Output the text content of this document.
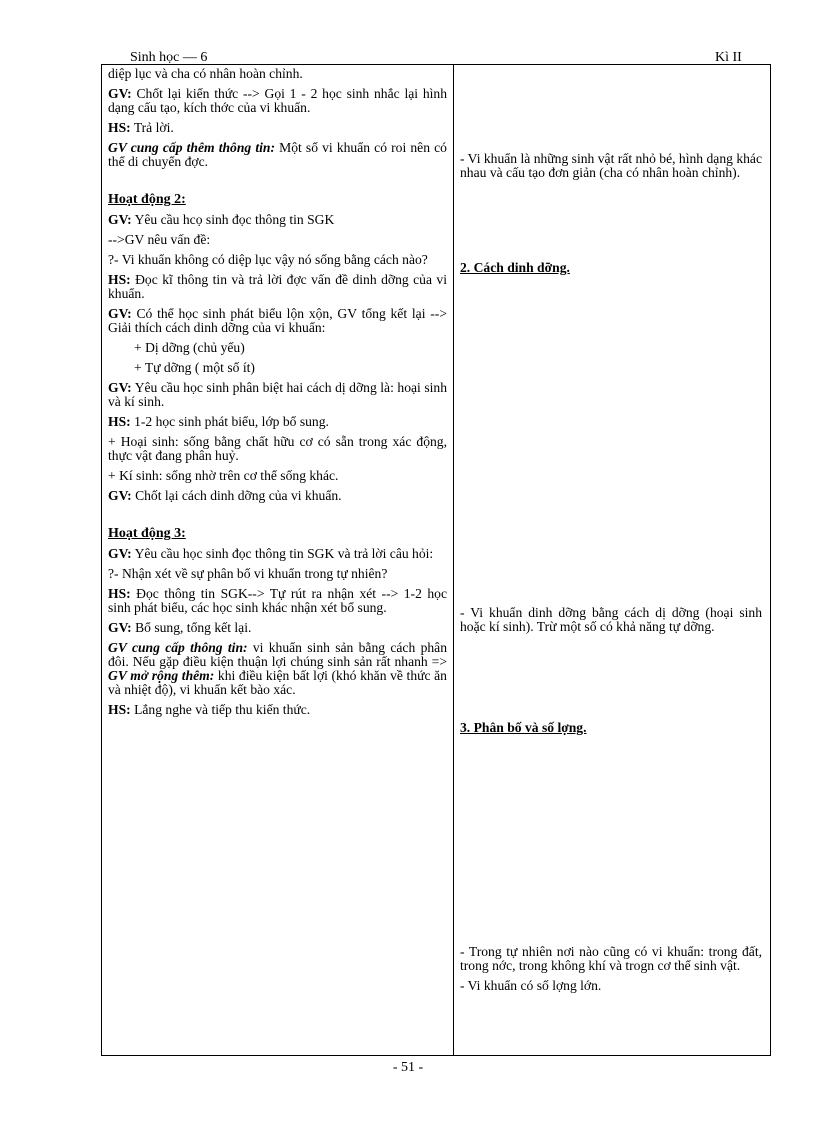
Sinh học — 6	Kì II

diệp lục và cha có nhân hoàn chỉnh.

GV: Chốt lại kiến thức --> Gọi 1 - 2 học sinh nhắc lại hình dạng cấu tạo, kích thớc của vi khuẩn.

HS: Trả lời.

GV cung cấp thêm thông tin: Một số vi khuẩn có roi nên có thể di chuyển đợc.

Hoạt động 2:

GV: Yêu cầu hcọ sinh đọc thông tin SGK

-->GV nêu vấn đề:

?- Vi khuẩn không có diệp lục vậy nó sống bằng cách nào?

HS: Đọc kĩ thông tin và trả lời đợc vấn đề dinh dỡng của vi khuẩn.

GV: Có thể học sinh phát biểu lộn xộn, GV tổng kết lại --> Giải thích cách dinh dỡng của vi khuẩn:

+ Dị dỡng (chủ yếu)

+ Tự dỡng ( một số ít)

GV: Yêu cầu học sinh phân biệt hai cách dị dỡng là: hoại sinh và kí sinh.

HS: 1-2 học sinh phát biểu, lớp bổ sung.

+ Hoại sinh: sống bằng chất hữu cơ có sẵn trong xác động, thực vật đang phân huỷ.

+ Kí sinh: sống nhờ trên cơ thể sống khác.

GV: Chốt lại cách dinh dỡng của vi khuẩn.

Hoạt động 3:

GV: Yêu cầu học sinh đọc thông tin SGK và trả lời câu hỏi:

?- Nhận xét về sự phân bố vi khuẩn trong tự nhiên?

HS: Đọc thông tin SGK--> Tự rút ra nhận xét --> 1-2 học sinh phát biểu, các học sinh khác nhận xét bổ sung.

GV: Bổ sung, tổng kết lại.

GV cung cấp thông tin: vi khuẩn sinh sản bằng cách phân đôi. Nếu gặp điều kiện thuận lợi chúng sinh sản rất nhanh => GV mở rộng thêm: khi điều kiện bất lợi (khó khăn về thức ăn và nhiệt độ), vi khuẩn kết bào xác.

HS: Lắng nghe và tiếp thu kiến thức.

- Vi khuẩn là những sinh vật rất nhỏ bé, hình dạng khác nhau và cấu tạo đơn giản (cha có nhân hoàn chỉnh).

2. Cách dinh dỡng.

- Vi khuẩn dinh dỡng bằng cách dị dỡng (hoại sinh hoặc kí sinh). Trừ một số có khả năng tự dỡng.

3. Phân bố và số lợng.

- Trong tự nhiên nơi nào cũng có vi khuẩn: trong đất, trong nớc, trong không khí và trogn cơ thể sinh vật.

- Vi khuẩn có số lợng lớn.

- 51 -
